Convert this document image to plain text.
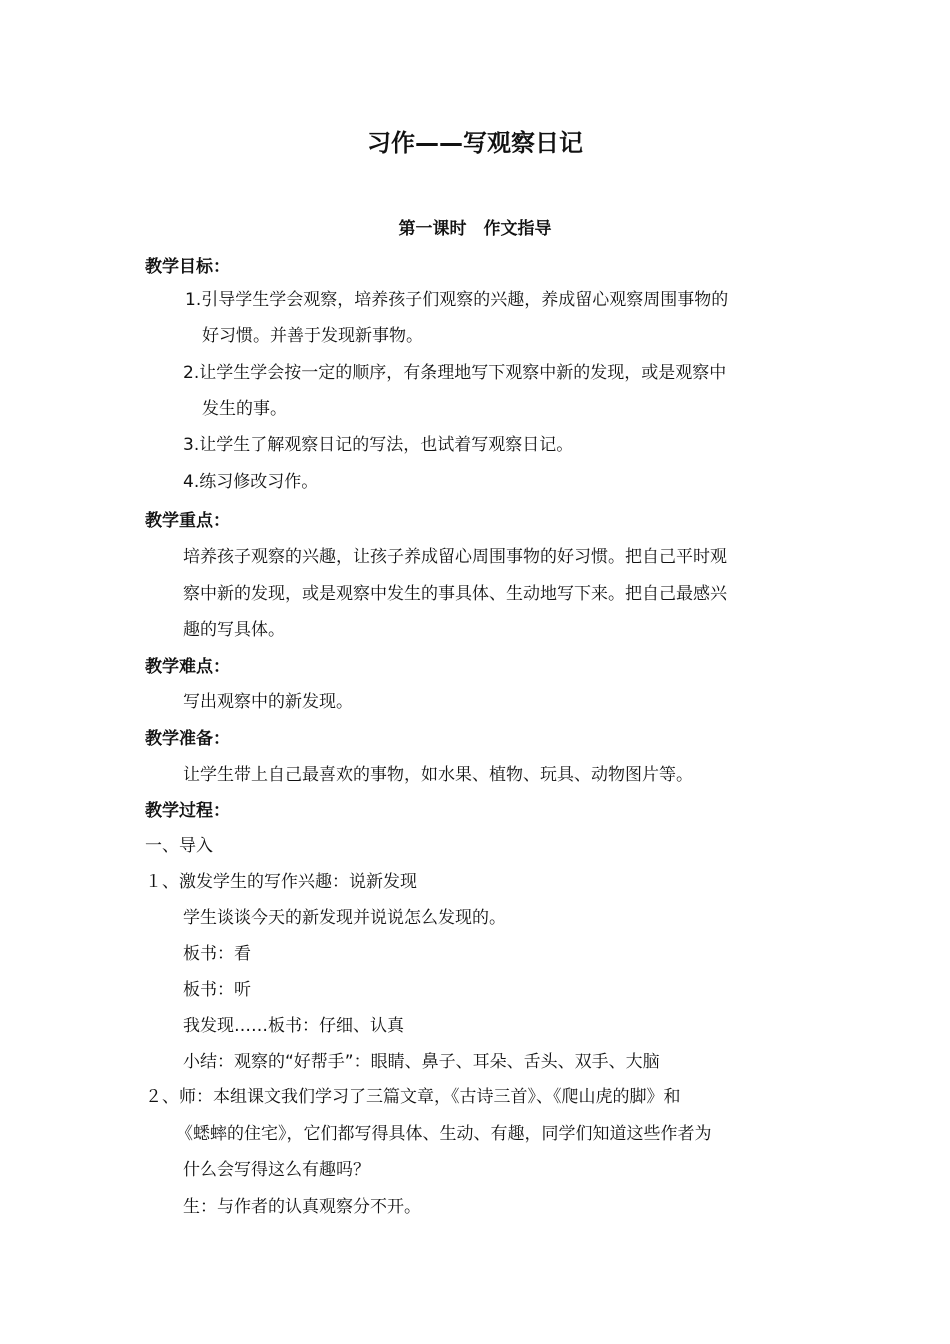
习作——写观察日记
第一课时　作文指导
教学目标：
1.引导学生学会观察，培养孩子们观察的兴趣，养成留心观察周围事物的
好习惯。并善于发现新事物。
2.让学生学会按一定的顺序，有条理地写下观察中新的发现，或是观察中
发生的事。
3.让学生了解观察日记的写法，也试着写观察日记。
4.练习修改习作。
教学重点：
培养孩子观察的兴趣，让孩子养成留心周围事物的好习惯。把自己平时观
察中新的发现，或是观察中发生的事具体、生动地写下来。把自己最感兴
趣的写具体。
教学难点：
写出观察中的新发现。
教学准备：
让学生带上自己最喜欢的事物，如水果、植物、玩具、动物图片等。
教学过程：
一、导入
１、激发学生的写作兴趣：说新发现
学生谈谈今天的新发现并说说怎么发现的。
板书：看
板书：听
我发现……板书：仔细、认真
小结：观察的“好帮手”：眼睛、鼻子、耳朵、舌头、双手、大脑
２、师：本组课文我们学习了三篇文章，《古诗三首》、《爬山虎的脚》和
《蟋蟀的住宅》，它们都写得具体、生动、有趣，同学们知道这些作者为
什么会写得这么有趣吗？
生：与作者的认真观察分不开。
